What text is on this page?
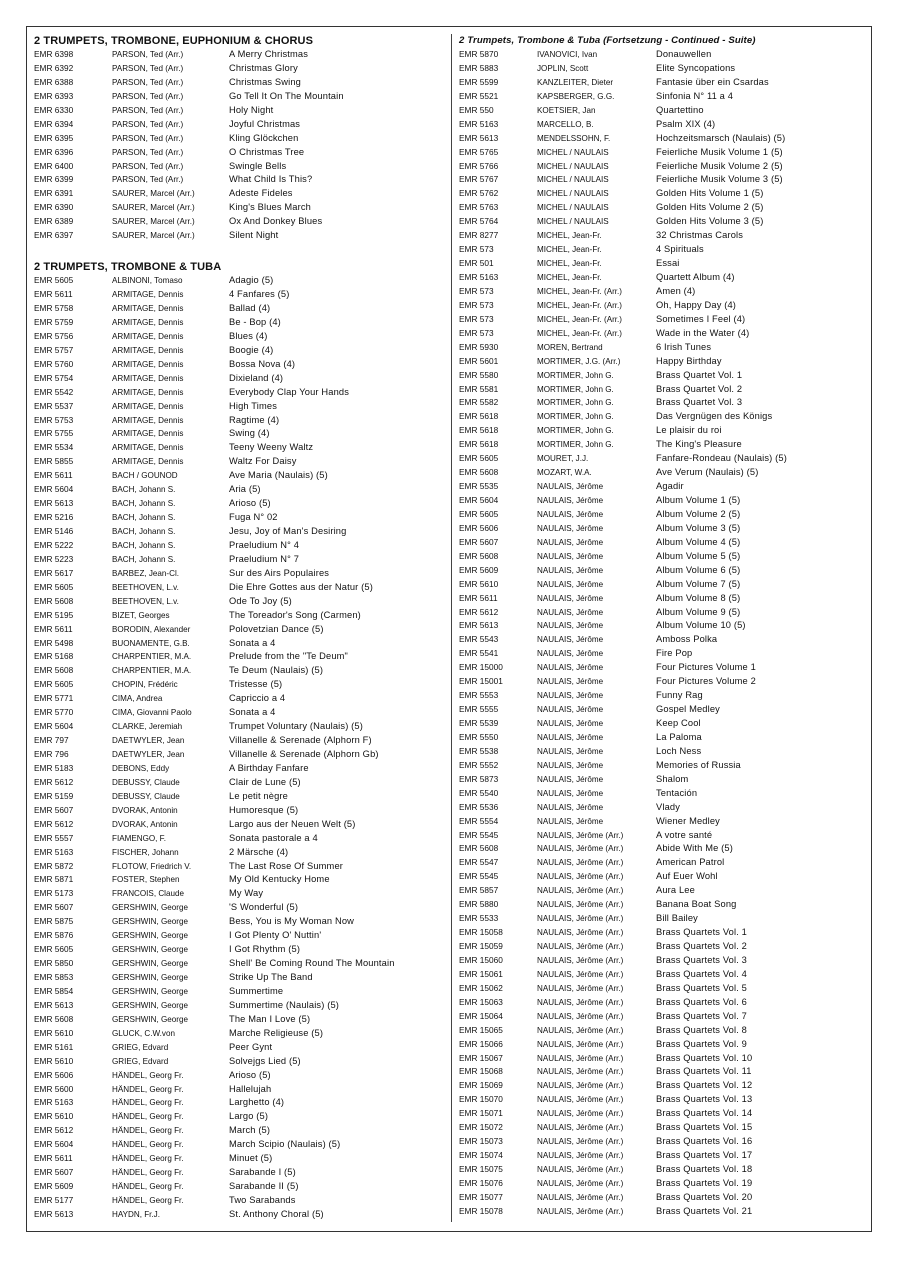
2 TRUMPETS, TROMBONE, EUPHONIUM & CHORUS
EMR 6398	PARSON, Ted (Arr.)	A Merry Christmas
EMR 6392	PARSON, Ted (Arr.)	Christmas Glory
EMR 6388	PARSON, Ted (Arr.)	Christmas Swing
EMR 6393	PARSON, Ted (Arr.)	Go Tell It On The Mountain
EMR 6330	PARSON, Ted (Arr.)	Holy Night
EMR 6394	PARSON, Ted (Arr.)	Joyful Christmas
EMR 6395	PARSON, Ted (Arr.)	Kling Glöckchen
EMR 6396	PARSON, Ted (Arr.)	O Christmas Tree
EMR 6400	PARSON, Ted (Arr.)	Swingle Bells
EMR 6399	PARSON, Ted (Arr.)	What Child Is This?
EMR 6391	SAURER, Marcel (Arr.)	Adeste Fideles
EMR 6390	SAURER, Marcel (Arr.)	King's Blues March
EMR 6389	SAURER, Marcel (Arr.)	Ox And Donkey Blues
EMR 6397	SAURER, Marcel (Arr.)	Silent Night
2 TRUMPETS, TROMBONE & TUBA
EMR 5605	ALBINONI, Tomaso	Adagio (5)
EMR 5611	ARMITAGE, Dennis	4 Fanfares (5)
EMR 5758	ARMITAGE, Dennis	Ballad (4)
EMR 5759	ARMITAGE, Dennis	Be - Bop (4)
EMR 5756	ARMITAGE, Dennis	Blues (4)
EMR 5757	ARMITAGE, Dennis	Boogie (4)
EMR 5760	ARMITAGE, Dennis	Bossa Nova (4)
EMR 5754	ARMITAGE, Dennis	Dixieland (4)
EMR 5542	ARMITAGE, Dennis	Everybody Clap Your Hands
EMR 5537	ARMITAGE, Dennis	High Times
EMR 5753	ARMITAGE, Dennis	Ragtime (4)
EMR 5755	ARMITAGE, Dennis	Swing (4)
EMR 5534	ARMITAGE, Dennis	Teeny Weeny Waltz
EMR 5855	ARMITAGE, Dennis	Waltz For Daisy
EMR 5611	BACH / GOUNOD	Ave Maria (Naulais) (5)
EMR 5604	BACH, Johann S.	Aria (5)
EMR 5613	BACH, Johann S.	Arioso (5)
EMR 5216	BACH, Johann S.	Fuga N° 02
EMR 5146	BACH, Johann S.	Jesu, Joy of Man's Desiring
EMR 5222	BACH, Johann S.	Praeludium N° 4
EMR 5223	BACH, Johann S.	Praeludium N° 7
EMR 5617	BARBEZ, Jean-Cl.	Sur des Airs Populaires
EMR 5605	BEETHOVEN, L.v.	Die Ehre Gottes aus der Natur (5)
EMR 5608	BEETHOVEN, L.v.	Ode To Joy (5)
EMR 5195	BIZET, Georges	The Toreador's Song (Carmen)
EMR 5611	BORODIN, Alexander	Polovetzian Dance (5)
EMR 5498	BUONAMENTE, G.B.	Sonata a 4
EMR 5168	CHARPENTIER, M.A.	Prelude from the "Te Deum"
EMR 5608	CHARPENTIER, M.A.	Te Deum (Naulais) (5)
EMR 5605	CHOPIN, Frédéric	Tristesse (5)
EMR 5771	CIMA, Andrea	Capriccio a 4
EMR 5770	CIMA, Giovanni Paolo	Sonata a 4
EMR 5604	CLARKE, Jeremiah	Trumpet Voluntary (Naulais) (5)
EMR 797	DAETWYLER, Jean	Villanelle & Serenade (Alphorn F)
EMR 796	DAETWYLER, Jean	Villanelle & Serenade (Alphorn Gb)
EMR 5183	DEBONS, Eddy	A Birthday Fanfare
EMR 5612	DEBUSSY, Claude	Clair de Lune (5)
EMR 5159	DEBUSSY, Claude	Le petit nègre
EMR 5607	DVORAK, Antonin	Humoresque (5)
EMR 5612	DVORAK, Antonin	Largo aus der Neuen Welt (5)
EMR 5557	FIAMENGO, F.	Sonata pastorale a 4
EMR 5163	FISCHER, Johann	2 Märsche (4)
EMR 5872	FLOTOW, Friedrich V.	The Last Rose Of Summer
EMR 5871	FOSTER, Stephen	My Old Kentucky Home
EMR 5173	FRANCOIS, Claude	My Way
EMR 5607	GERSHWIN, George	'S Wonderful (5)
EMR 5875	GERSHWIN, George	Bess, You is My Woman Now
EMR 5876	GERSHWIN, George	I Got Plenty O' Nuttin'
EMR 5605	GERSHWIN, George	I Got Rhythm (5)
EMR 5850	GERSHWIN, George	Shell' Be Coming Round The Mountain
EMR 5853	GERSHWIN, George	Strike Up The Band
EMR 5854	GERSHWIN, George	Summertime
EMR 5613	GERSHWIN, George	Summertime (Naulais) (5)
EMR 5608	GERSHWIN, George	The Man I Love (5)
EMR 5610	GLUCK, C.W.von	Marche Religieuse (5)
EMR 5161	GRIEG, Edvard	Peer Gynt
EMR 5610	GRIEG, Edvard	Solvejgs Lied (5)
EMR 5606	HÄNDEL, Georg Fr.	Arioso (5)
EMR 5600	HÄNDEL, Georg Fr.	Hallelujah
EMR 5163	HÄNDEL, Georg Fr.	Larghetto (4)
EMR 5610	HÄNDEL, Georg Fr.	Largo (5)
EMR 5612	HÄNDEL, Georg Fr.	March (5)
EMR 5604	HÄNDEL, Georg Fr.	March Scipio (Naulais) (5)
EMR 5611	HÄNDEL, Georg Fr.	Minuet (5)
EMR 5607	HÄNDEL, Georg Fr.	Sarabande I (5)
EMR 5609	HÄNDEL, Georg Fr.	Sarabande II (5)
EMR 5177	HÄNDEL, Georg Fr.	Two Sarabands
EMR 5613	HAYDN, Fr.J.	St. Anthony Choral (5)
2 Trumpets, Trombone & Tuba (Fortsetzung - Continued - Suite)
EMR 5870	IVANOVICI, Ivan	Donauwellen
EMR 5883	JOPLIN, Scott	Elite Syncopations
EMR 5599	KANZLEITER, Dieter	Fantasie über ein Csardas
EMR 5521	KAPSBERGER, G.G.	Sinfonia N° 11 a 4
EMR 550	KOETSIER, Jan	Quartettino
EMR 5163	MARCELLO, B.	Psalm XIX (4)
EMR 5613	MENDELSSOHN, F.	Hochzeitsmarsch (Naulais) (5)
EMR 5765	MICHEL / NAULAIS	Feierliche Musik Volume 1 (5)
EMR 5766	MICHEL / NAULAIS	Feierliche Musik Volume 2 (5)
EMR 5767	MICHEL / NAULAIS	Feierliche Musik Volume 3 (5)
EMR 5762	MICHEL / NAULAIS	Golden Hits Volume 1 (5)
EMR 5763	MICHEL / NAULAIS	Golden Hits Volume 2 (5)
EMR 5764	MICHEL / NAULAIS	Golden Hits Volume 3 (5)
EMR 8277	MICHEL, Jean-Fr.	32 Christmas Carols
EMR 573	MICHEL, Jean-Fr.	4 Spirituals
EMR 501	MICHEL, Jean-Fr.	Essai
EMR 5163	MICHEL, Jean-Fr.	Quartett Album (4)
EMR 573	MICHEL, Jean-Fr. (Arr.)	Amen (4)
EMR 573	MICHEL, Jean-Fr. (Arr.)	Oh, Happy Day (4)
EMR 573	MICHEL, Jean-Fr. (Arr.)	Sometimes I Feel (4)
EMR 573	MICHEL, Jean-Fr. (Arr.)	Wade in the Water (4)
EMR 5930	MOREN, Bertrand	6 Irish Tunes
EMR 5601	MORTIMER, J.G. (Arr.)	Happy Birthday
EMR 5580	MORTIMER, John G.	Brass Quartet Vol. 1
EMR 5581	MORTIMER, John G.	Brass Quartet Vol. 2
EMR 5582	MORTIMER, John G.	Brass Quartet Vol. 3
EMR 5618	MORTIMER, John G.	Das Vergnügen des Königs
EMR 5618	MORTIMER, John G.	Le plaisir du roi
EMR 5618	MORTIMER, John G.	The King's Pleasure
EMR 5605	MOURET, J.J.	Fanfare-Rondeau (Naulais) (5)
EMR 5608	MOZART, W.A.	Ave Verum (Naulais) (5)
EMR 5535	NAULAIS, Jérôme	Agadir
EMR 5604	NAULAIS, Jérôme	Album Volume 1 (5)
EMR 5605	NAULAIS, Jérôme	Album Volume 2 (5)
EMR 5606	NAULAIS, Jérôme	Album Volume 3 (5)
EMR 5607	NAULAIS, Jérôme	Album Volume 4 (5)
EMR 5608	NAULAIS, Jérôme	Album Volume 5 (5)
EMR 5609	NAULAIS, Jérôme	Album Volume 6 (5)
EMR 5610	NAULAIS, Jérôme	Album Volume 7 (5)
EMR 5611	NAULAIS, Jérôme	Album Volume 8 (5)
EMR 5612	NAULAIS, Jérôme	Album Volume 9 (5)
EMR 5613	NAULAIS, Jérôme	Album Volume 10 (5)
EMR 5543	NAULAIS, Jérôme	Amboss Polka
EMR 5541	NAULAIS, Jérôme	Fire Pop
EMR 15000	NAULAIS, Jérôme	Four Pictures Volume 1
EMR 15001	NAULAIS, Jérôme	Four Pictures Volume 2
EMR 5553	NAULAIS, Jérôme	Funny Rag
EMR 5555	NAULAIS, Jérôme	Gospel Medley
EMR 5539	NAULAIS, Jérôme	Keep Cool
EMR 5550	NAULAIS, Jérôme	La Paloma
EMR 5538	NAULAIS, Jérôme	Loch Ness
EMR 5552	NAULAIS, Jérôme	Memories of Russia
EMR 5873	NAULAIS, Jérôme	Shalom
EMR 5540	NAULAIS, Jérôme	Tentación
EMR 5536	NAULAIS, Jérôme	Vlady
EMR 5554	NAULAIS, Jérôme	Wiener Medley
EMR 5545	NAULAIS, Jérôme (Arr.)	A votre santé
EMR 5608	NAULAIS, Jérôme (Arr.)	Abide With Me (5)
EMR 5547	NAULAIS, Jérôme (Arr.)	American Patrol
EMR 5545	NAULAIS, Jérôme (Arr.)	Auf Euer Wohl
EMR 5857	NAULAIS, Jérôme (Arr.)	Aura Lee
EMR 5880	NAULAIS, Jérôme (Arr.)	Banana Boat Song
EMR 5533	NAULAIS, Jérôme (Arr.)	Bill Bailey
EMR 15058	NAULAIS, Jérôme (Arr.)	Brass Quartets Vol. 1
EMR 15059	NAULAIS, Jérôme (Arr.)	Brass Quartets Vol. 2
EMR 15060	NAULAIS, Jérôme (Arr.)	Brass Quartets Vol. 3
EMR 15061	NAULAIS, Jérôme (Arr.)	Brass Quartets Vol. 4
EMR 15062	NAULAIS, Jérôme (Arr.)	Brass Quartets Vol. 5
EMR 15063	NAULAIS, Jérôme (Arr.)	Brass Quartets Vol. 6
EMR 15064	NAULAIS, Jérôme (Arr.)	Brass Quartets Vol. 7
EMR 15065	NAULAIS, Jérôme (Arr.)	Brass Quartets Vol. 8
EMR 15066	NAULAIS, Jérôme (Arr.)	Brass Quartets Vol. 9
EMR 15067	NAULAIS, Jérôme (Arr.)	Brass Quartets Vol. 10
EMR 15068	NAULAIS, Jérôme (Arr.)	Brass Quartets Vol. 11
EMR 15069	NAULAIS, Jérôme (Arr.)	Brass Quartets Vol. 12
EMR 15070	NAULAIS, Jérôme (Arr.)	Brass Quartets Vol. 13
EMR 15071	NAULAIS, Jérôme (Arr.)	Brass Quartets Vol. 14
EMR 15072	NAULAIS, Jérôme (Arr.)	Brass Quartets Vol. 15
EMR 15073	NAULAIS, Jérôme (Arr.)	Brass Quartets Vol. 16
EMR 15074	NAULAIS, Jérôme (Arr.)	Brass Quartets Vol. 17
EMR 15075	NAULAIS, Jérôme (Arr.)	Brass Quartets Vol. 18
EMR 15076	NAULAIS, Jérôme (Arr.)	Brass Quartets Vol. 19
EMR 15077	NAULAIS, Jérôme (Arr.)	Brass Quartets Vol. 20
EMR 15078	NAULAIS, Jérôme (Arr.)	Brass Quartets Vol. 21
